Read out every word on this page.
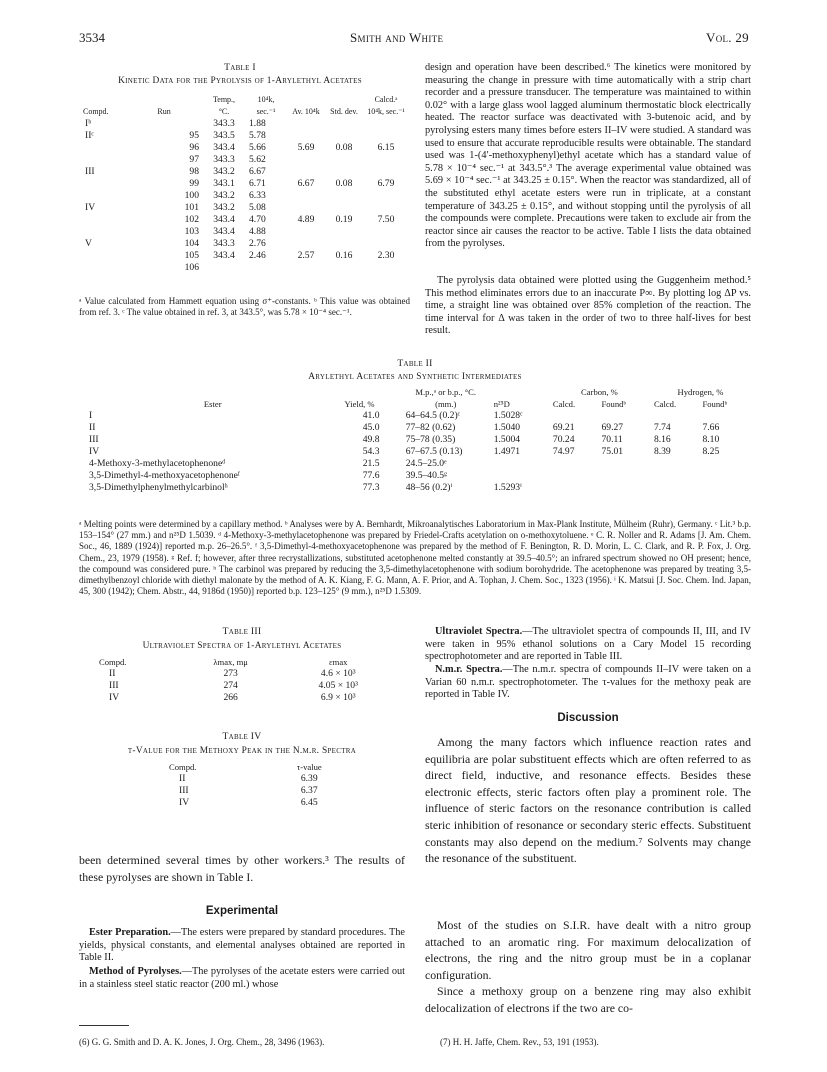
3534	Smith and White	Vol. 29
Table I
Kinetic Data for the Pyrolysis of 1-Arylethyl Acetates
Compd.	Run	Temp., °C.	10⁴k, sec.⁻¹	Av. 10⁴k	Std. dev.	Calcd.ᵃ 10⁴k, sec.⁻¹
Iᵇ		343.3	1.88			
IIᶜ	95	343.5	5.78			
	96	343.4	5.66	5.69	0.08	6.15
	97	343.3	5.62			
III	98	343.2	6.67			
	99	343.1	6.71	6.67	0.08	6.79
	100	343.2	6.33			
IV	101	343.2	5.08			
	102	343.4	4.70	4.89	0.19	7.50
	103	343.4	4.88			
V	104	343.3	2.76			
	105	343.4	2.46	2.57	0.16	2.30
	106					
ᵃ Value calculated from Hammett equation using σ⁺-constants. ᵇ This value was obtained from ref. 3. ᶜ The value obtained in ref. 3, at 343.5°, was 5.78 × 10⁻⁴ sec.⁻¹.
design and operation have been described.⁶ The kinetics were monitored by measuring the change in pressure with time automatically with a strip chart recorder and a pressure transducer. The temperature was maintained to within 0.02° with a large glass wool lagged aluminum thermostatic block electrically heated. The reactor surface was deactivated with 3-butenoic acid, and by pyrolysing esters many times before esters II–IV were studied. A standard was used to ensure that accurate reproducible results were obtainable. The standard used was 1-(4′-methoxyphenyl)ethyl acetate which has a standard value of 5.78 × 10⁻⁴ sec.⁻¹ at 343.5°.³ The average experimental value obtained was 5.69 × 10⁻⁴ sec.⁻¹ at 343.25 ± 0.15°. When the reactor was standardized, all of the substituted ethyl acetate esters were run in triplicate, at a constant temperature of 343.25 ± 0.15°, and without stopping until the pyrolysis of all the compounds were complete. Precautions were taken to exclude air from the reactor since air causes the reactor to be active. Table I lists the data obtained from the pyrolyses.
The pyrolysis data obtained were plotted using the Guggenheim method.⁵ This method eliminates errors due to an inaccurate P∞. By plotting log ΔP vs. time, a straight line was obtained over 85% completion of the reaction. The time interval for Δ was taken in the order of two to three half-lives for best result.
Table II
Arylethyl Acetates and Synthetic Intermediates
Ester	Yield, %	M.p.,ᵃ or b.p., °C. (mm.)	n²⁵D	Carbon, %		Hydrogen, %	
				Calcd.	Foundᵇ	Calcd.	Foundᵇ
I	41.0	64–64.5 (0.2)ᶜ	1.5028ᶜ				
II	45.0	77–82 (0.62)	1.5040	69.21	69.27	7.74	7.66
III	49.8	75–78 (0.35)	1.5004	70.24	70.11	8.16	8.10
IV	54.3	67–67.5 (0.13)	1.4971	74.97	75.01	8.39	8.25
4-Methoxy-3-methylacetophenoneᵈ	21.5	24.5–25.0ᵉ					
3,5-Dimethyl-4-methoxyacetophenoneᶠ	77.6	39.5–40.5ᵍ					
3,5-Dimethylphenylmethylcarbinolʰ	77.3	48–56 (0.2)ⁱ	1.5293ⁱ				
ᵃ Melting points were determined by a capillary method. ᵇ Analyses were by A. Bernhardt, Mikroanalytisches Laboratorium in Max-Plank Institute, Mülheim (Ruhr), Germany. ᶜ Lit.³ b.p. 153–154° (27 mm.) and n²⁵D 1.5039. ᵈ 4-Methoxy-3-methylacetophenone was prepared by Friedel-Crafts acetylation on o-methoxytoluene. ᵉ C. R. Noller and R. Adams [J. Am. Chem. Soc., 46, 1889 (1924)] reported m.p. 26–26.5°. ᶠ 3,5-Dimethyl-4-methoxyacetophenone was prepared by the method of F. Benington, R. D. Morin, L. C. Clark, and R. P. Fox, J. Org. Chem., 23, 1979 (1958). ᵍ Ref. f; however, after three recrystallizations, substituted acetophenone melted constantly at 39.5–40.5°; an infrared spectrum showed no OH present; hence, the compound was considered pure. ʰ The carbinol was prepared by reducing the 3,5-dimethylacetophenone with sodium borohydride. The acetophenone was prepared by treating 3,5-dimethylbenzoyl chloride with diethyl malonate by the method of A. K. Kiang, F. G. Mann, A. F. Prior, and A. Tophan, J. Chem. Soc., 1323 (1956). ⁱ K. Matsui [J. Soc. Chem. Ind. Japan, 45, 300 (1942); Chem. Abstr., 44, 9186d (1950)] reported b.p. 123–125° (9 mm.), n²⁵D 1.5309.
Table III
Ultraviolet Spectra of 1-Arylethyl Acetates
Compd.	λmax, mμ	εmax
II	273	4.6 × 10³
III	274	4.05 × 10³
IV	266	6.9 × 10³
Table IV
τ-Value for the Methoxy Peak in the N.m.r. Spectra
Compd.	τ-value
II	6.39
III	6.37
IV	6.45
been determined several times by other workers.³ The results of these pyrolyses are shown in Table I.
Experimental
Ester Preparation.—The esters were prepared by standard procedures. The yields, physical constants, and elemental analyses obtained are reported in Table II.
Method of Pyrolyses.—The pyrolyses of the acetate esters were carried out in a stainless steel static reactor (200 ml.) whose
Ultraviolet Spectra.—The ultraviolet spectra of compounds II, III, and IV were taken in 95% ethanol solutions on a Cary Model 15 recording spectrophotometer and are reported in Table III.
N.m.r. Spectra.—The n.m.r. spectra of compounds II–IV were taken on a Varian 60 n.m.r. spectrophotometer. The τ-values for the methoxy peak are reported in Table IV.
Discussion
Among the many factors which influence reaction rates and equilibria are polar substituent effects which are often referred to as direct field, inductive, and resonance effects. Besides these electronic effects, steric factors often play a prominent role. The influence of steric factors on the resonance contribution is called steric inhibition of resonance or secondary steric effects. Substituent constants may also depend on the medium.⁷ Solvents may change the resonance of the substituent.
Most of the studies on S.I.R. have dealt with a nitro group attached to an aromatic ring. For maximum delocalization of electrons, the ring and the nitro group must be in a coplanar configuration.
Since a methoxy group on a benzene ring may also exhibit delocalization of electrons if the two are co-
(6) G. G. Smith and D. A. K. Jones, J. Org. Chem., 28, 3496 (1963).	(7) H. H. Jaffe, Chem. Rev., 53, 191 (1953).
